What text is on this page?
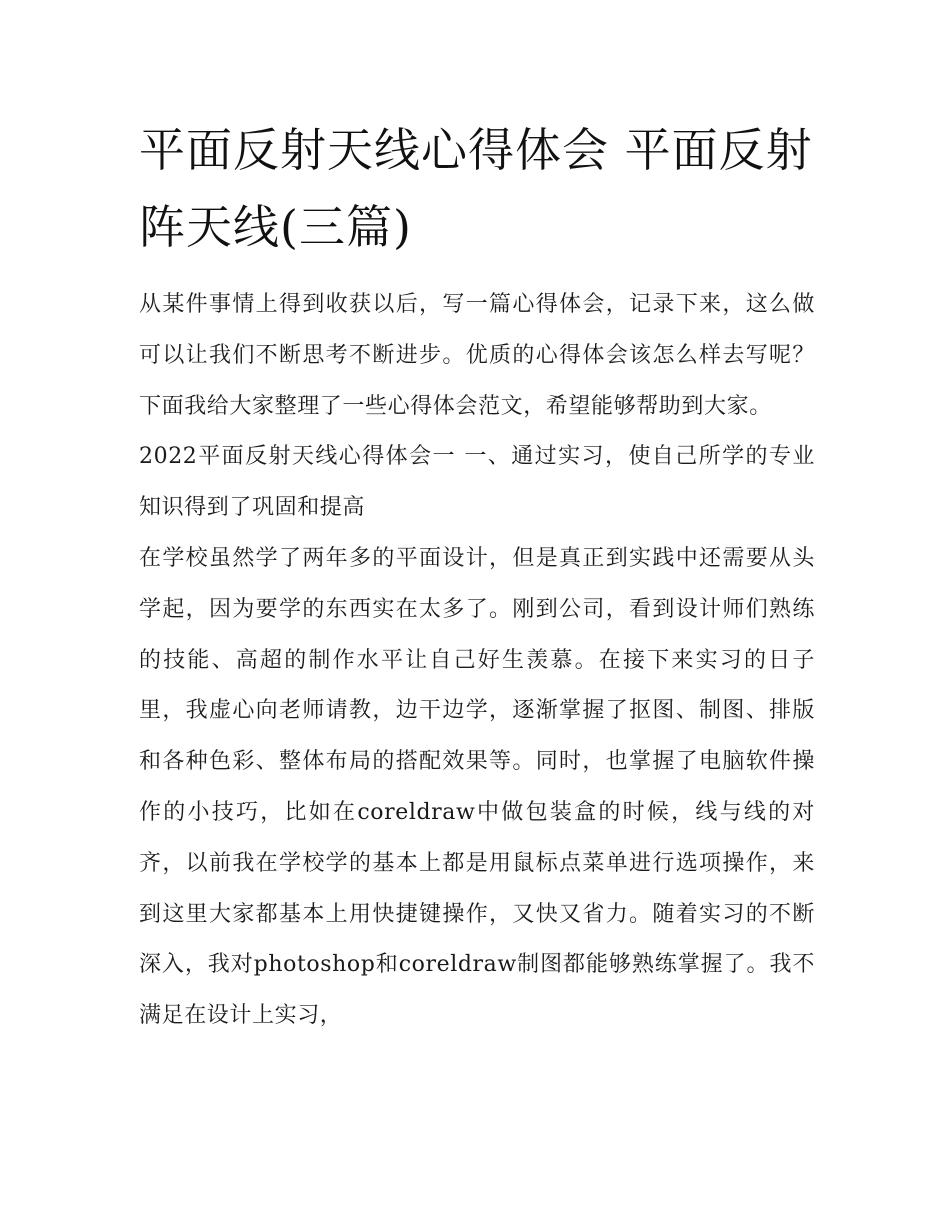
平面反射天线心得体会 平面反射阵天线(三篇)

从某件事情上得到收获以后，写一篇心得体会，记录下来，这么做可以让我们不断思考不断进步。优质的心得体会该怎么样去写呢？下面我给大家整理了一些心得体会范文，希望能够帮助到大家。

2022平面反射天线心得体会一 一、通过实习，使自己所学的专业知识得到了巩固和提高

在学校虽然学了两年多的平面设计，但是真正到实践中还需要从头学起，因为要学的东西实在太多了。刚到公司，看到设计师们熟练的技能、高超的制作水平让自己好生羡慕。在接下来实习的日子里，我虚心向老师请教，边干边学，逐渐掌握了抠图、制图、排版和各种色彩、整体布局的搭配效果等。同时，也掌握了电脑软件操作的小技巧，比如在coreldraw中做包装盒的时候，线与线的对齐，以前我在学校学的基本上都是用鼠标点菜单进行选项操作，来到这里大家都基本上用快捷键操作，又快又省力。随着实习的不断深入，我对photoshop和coreldraw制图都能够熟练掌握了。我不满足在设计上实习，
